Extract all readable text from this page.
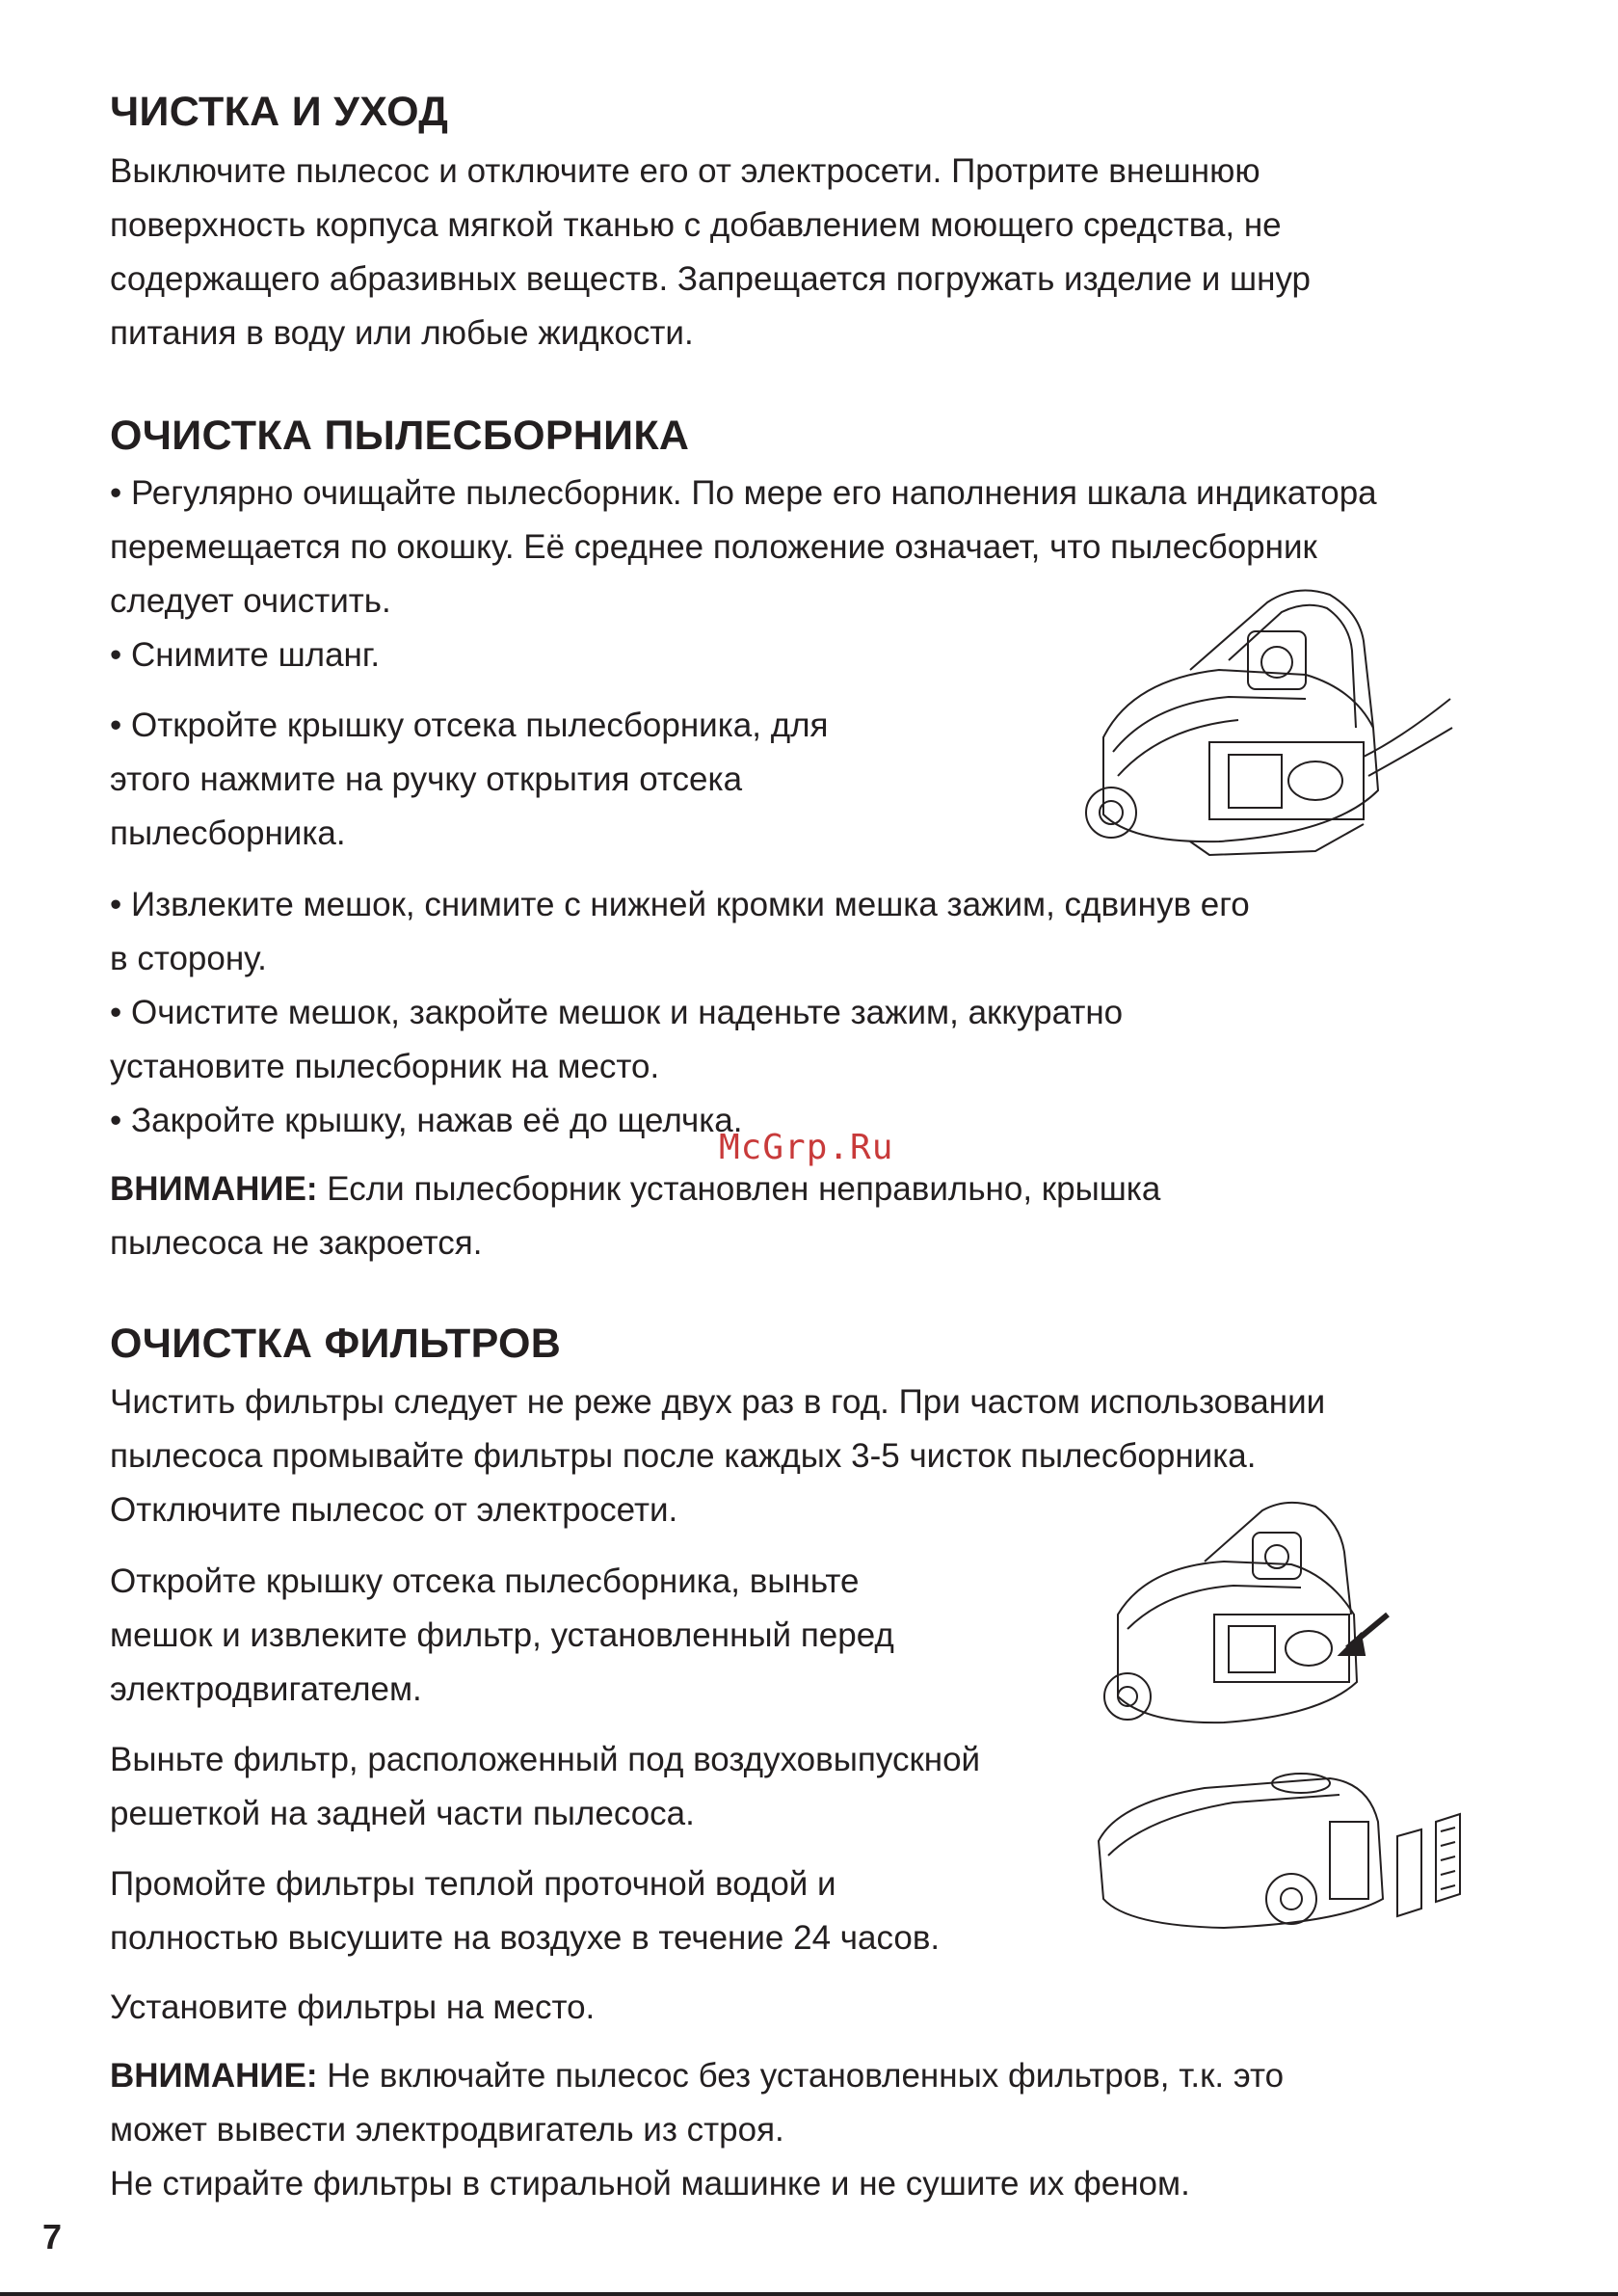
ЧИСТКА И УХОД

Выключите пылесос и отключите его от электросети. Протрите внешнюю
поверхность корпуса мягкой тканью с добавлением моющего средства, не
содержащего абразивных веществ. Запрещается погружать изделие и шнур
питания в воду или любые жидкости.

ОЧИСТКА ПЫЛЕСБОРНИКА

• Регулярно очищайте пылесборник. По мере его наполнения шкала индикатора
перемещается по окошку. Её среднее положение означает, что пылесборник
следует очистить.
• Снимите шланг.

• Откройте крышку отсека пылесборника, для
этого нажмите на ручку открытия отсека
пылесборника.

• Извлеките мешок, снимите с нижней кромки мешка зажим, сдвинув его
в сторону.
• Очистите мешок, закройте мешок и наденьте зажим, аккуратно
установите пылесборник на место.
• Закройте крышку, нажав её до щелчка.

ВНИМАНИЕ: Если пылесборник установлен неправильно, крышка

пылесоса не закроется.

McGrp.Ru
ОЧИСТКА ФИЛЬТРОВ

Чистить фильтры следует не реже двух раз в год. При частом использовании
пылесоса промывайте фильтры после каждых 3-5 чисток пылесборника.
Отключите пылесос от электросети.

Откройте крышку отсека пылесборника, выньте
мешок и извлеките фильтр, установленный перед
электродвигателем.

Выньте фильтр, расположенный под воздуховыпускной
решеткой на задней части пылесоса.

Промойте фильтры теплой проточной водой и
полностью высушите на воздухе в течение 24 часов.

Установите фильтры на место.

ВНИМАНИЕ: Не включайте пылесос без установленных фильтров, т.к. это

может вывести электродвигатель из строя.
Не стирайте фильтры в стиральной машинке и не сушите их феном.

7
